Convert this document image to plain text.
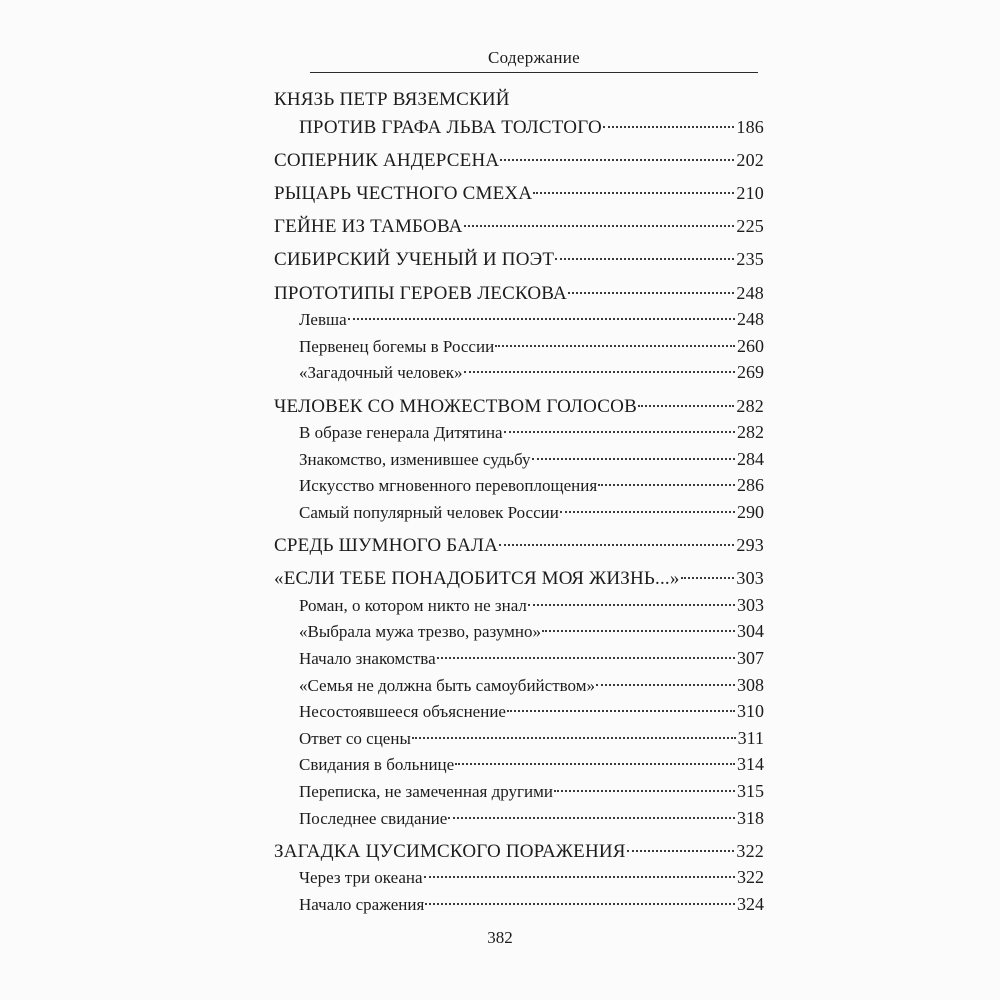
Содержание
КНЯЗЬ ПЕТР ВЯЗЕМСКИЙ
ПРОТИВ ГРАФА ЛЬВА ТОЛСТОГО	186
СОПЕРНИК АНДЕРСЕНА	202
РЫЦАРЬ ЧЕСТНОГО СМЕХА	210
ГЕЙНЕ ИЗ ТАМБОВА	225
СИБИРСКИЙ УЧЕНЫЙ И ПОЭТ	235
ПРОТОТИПЫ ГЕРОЕВ ЛЕСКОВА	248
Левша	248
Первенец богемы в России	260
«Загадочный человек»	269
ЧЕЛОВЕК СО МНОЖЕСТВОМ ГОЛОСОВ	282
В образе генерала Дитятина	282
Знакомство, изменившее судьбу	284
Искусство мгновенного перевоплощения	286
Самый популярный человек России	290
СРЕДЬ ШУМНОГО БАЛА	293
«ЕСЛИ ТЕБЕ ПОНАДОБИТСЯ МОЯ ЖИЗНЬ...»	303
Роман, о котором никто не знал	303
«Выбрала мужа трезво, разумно»	304
Начало знакомства	307
«Семья не должна быть самоубийством»	308
Несостоявшееся объяснение	310
Ответ со сцены	311
Свидания в больнице	314
Переписка, не замеченная другими	315
Последнее свидание	318
ЗАГАДКА ЦУСИМСКОГО ПОРАЖЕНИЯ	322
Через три океана	322
Начало сражения	324
382
